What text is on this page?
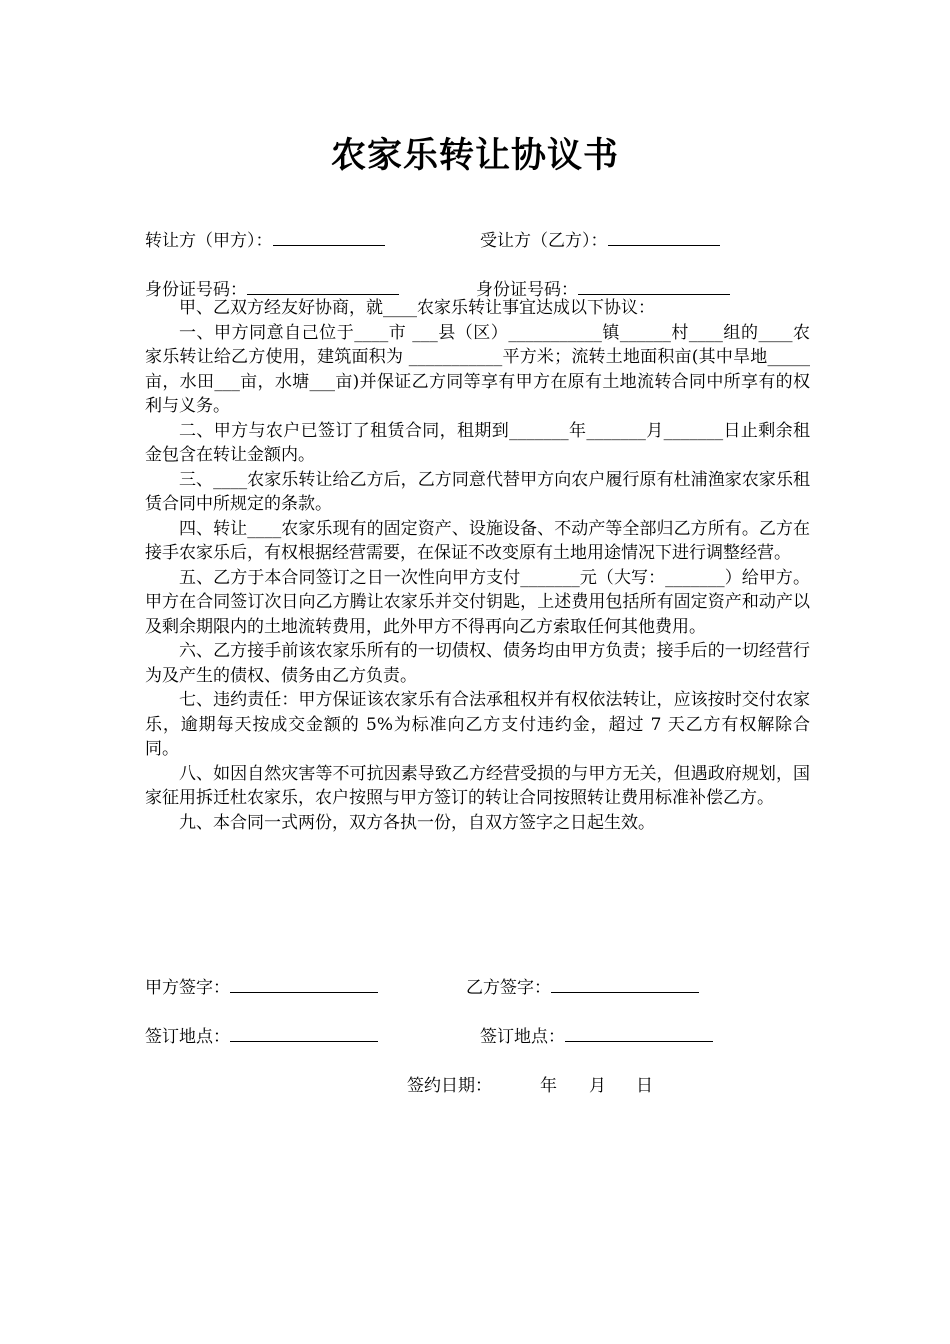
农家乐转让协议书
转让方（甲方）：	受让方（乙方）：
身份证号码：	身份证号码：

甲、乙双方经友好协商，就____农家乐转让事宜达成以下协议：

一、甲方同意自己位于____市 ___县（区）___________镇______村____组的____农家乐转让给乙方使用，建筑面积为 ___________平方米；流转土地面积亩(其中旱地_____亩，水田___亩，水塘___亩)并保证乙方同等享有甲方在原有土地流转合同中所享有的权利与义务。

二、甲方与农户已签订了租赁合同，租期到_______年_______月_______日止剩余租金包含在转让金额内。

三、____农家乐转让给乙方后，乙方同意代替甲方向农户履行原有杜浦渔家农家乐租赁合同中所规定的条款。

四、转让____农家乐现有的固定资产、设施设备、不动产等全部归乙方所有。乙方在接手农家乐后，有权根据经营需要，在保证不改变原有土地用途情况下进行调整经营。

五、乙方于本合同签订之日一次性向甲方支付_______元（大写：_______）给甲方。甲方在合同签订次日向乙方腾让农家乐并交付钥匙，上述费用包括所有固定资产和动产以及剩余期限内的土地流转费用，此外甲方不得再向乙方索取任何其他费用。

六、乙方接手前该农家乐所有的一切债权、债务均由甲方负责；接手后的一切经营行为及产生的债权、债务由乙方负责。

七、违约责任：甲方保证该农家乐有合法承租权并有权依法转让，应该按时交付农家乐，逾期每天按成交金额的 5%为标准向乙方支付违约金，超过 7 天乙方有权解除合同。

八、如因自然灾害等不可抗因素导致乙方经营受损的与甲方无关，但遇政府规划，国家征用拆迁杜农家乐，农户按照与甲方签订的转让合同按照转让费用标准补偿乙方。

九、本合同一式两份，双方各执一份，自双方签字之日起生效。

甲方签字：	乙方签字：
签订地点：	签订地点：
签约日期：	年 月 日
